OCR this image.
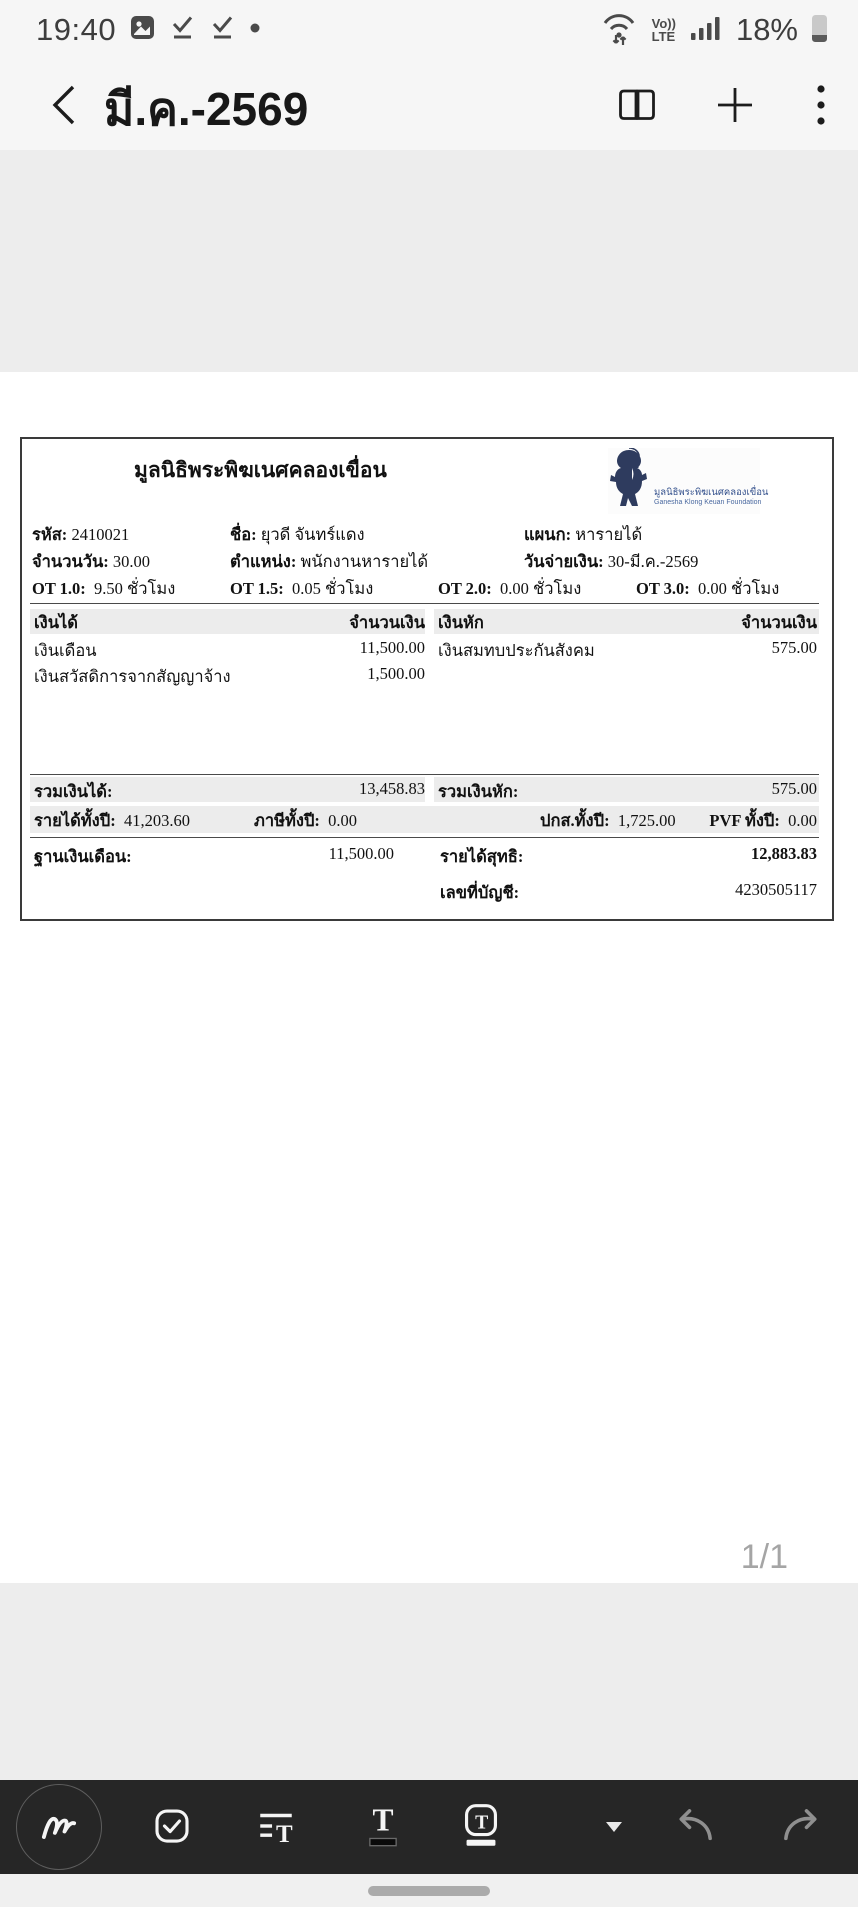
19:40	Vo))
LTE 18%
มี.ค.-2569
มูลนิธิพระพิฆเนศคลองเขื่อน
มูลนิธิพระพิฆเนศคลองเขื่อน
Ganesha Klong Keuan Foundation
รหัส: 2410021	ชื่อ: ยุวดี จันทร์แดง	แผนก: หารายได้
จำนวนวัน: 30.00	ตำแหน่ง: พนักงานหารายได้	วันจ่ายเงิน: 30-มี.ค.-2569
OT 1.0: 9.50 ชั่วโมง	OT 1.5: 0.05 ชั่วโมง	OT 2.0: 0.00 ชั่วโมง	OT 3.0: 0.00 ชั่วโมง
เงินได้	จำนวนเงิน เงินหัก	จำนวนเงิน
เงินเดือน	11,500.00 เงินสมทบประกันสังคม	575.00
เงินสวัสดิการจากสัญญาจ้าง	1,500.00
รวมเงินได้:	13,458.83 รวมเงินหัก:	575.00
รายได้ทั้งปี: 41,203.60	ภาษีทั้งปี: 0.00	ปกส.ทั้งปี: 1,725.00 PVF ทั้งปี: 0.00
ฐานเงินเดือน:	11,500.00	รายได้สุทธิ:	12,883.83
เลขที่บัญชี:	4230505117
1/1
T	T	T
